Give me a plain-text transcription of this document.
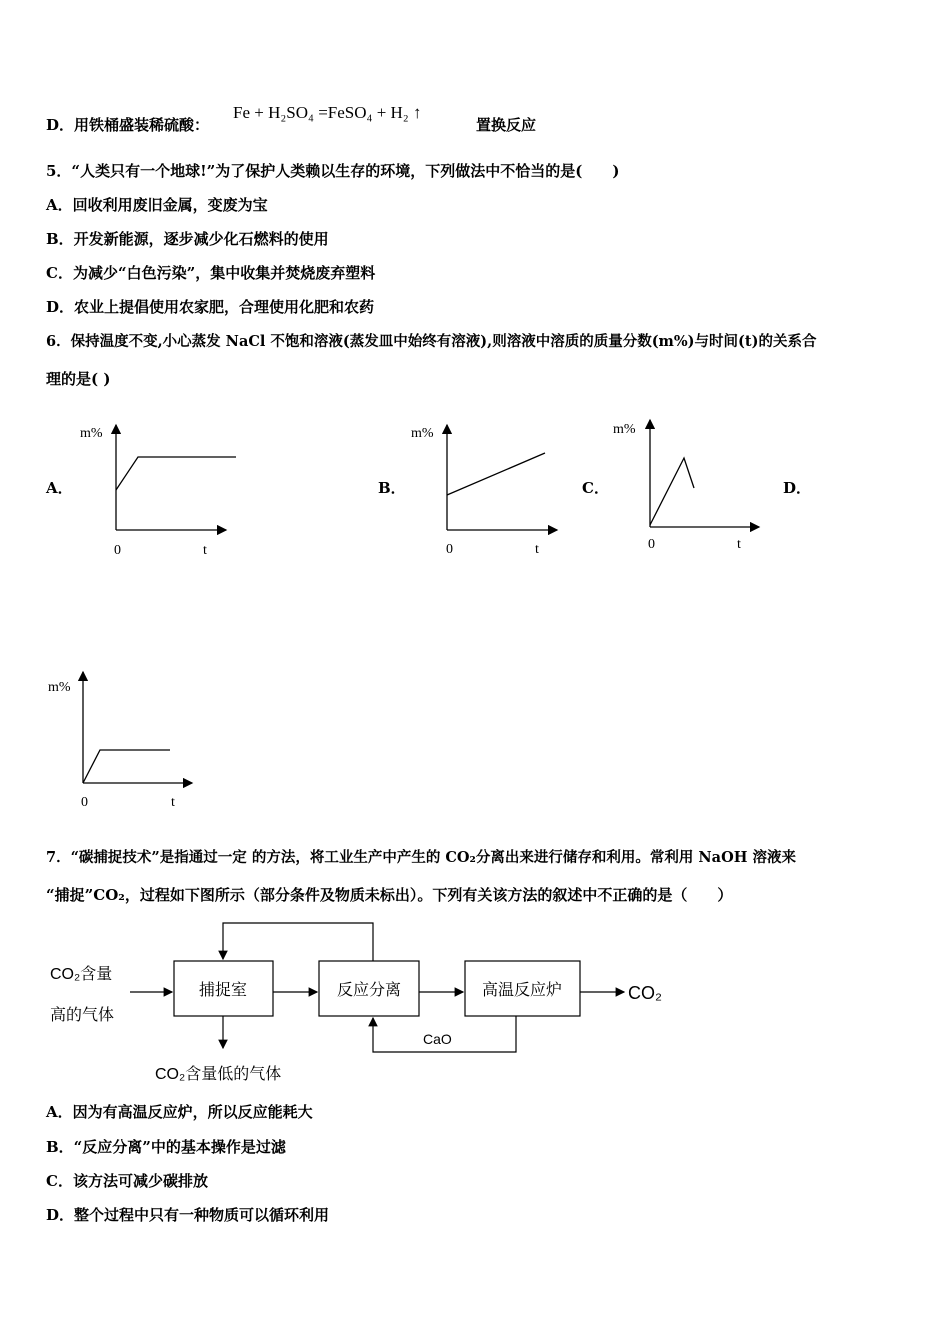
D．用铁桶盛装稀硫酸：
Fe + H₂SO₄ =FeSO₄ + H₂ ↑
置换反应
5．“人类只有一个地球!”为了保护人类赖以生存的环境，下列做法中不恰当的是(　　)
A．回收利用废旧金属，变废为宝
B．开发新能源，逐步减少化石燃料的使用
C．为减少“白色污染”，集中收集并焚烧废弃塑料
D．农业上提倡使用农家肥，合理使用化肥和农药
6．保持温度不变,小心蒸发 NaCl 不饱和溶液(蒸发皿中始终有溶液),则溶液中溶质的质量分数(m%)与时间(t)的关系合
理的是( )
A．	B．	C．	D．
m%
0	t
m%
0	t
m%
0	t
m%
0	t
CO₂含量
高的气体
捕捉室	反应分离	高温反应炉	CO₂
CO₂含量低的气体
CaO
7．“碳捕捉技术”是指通过一定 的方法，将工业生产中产生的 CO₂分离出来进行储存和利用。常利用 NaOH 溶液来
“捕捉”CO₂，过程如下图所示（部分条件及物质未标出）。下列有关该方法的叙述中不正确的是（　　）
A．因为有高温反应炉，所以反应能耗大
B．“反应分离”中的基本操作是过滤
C．该方法可减少碳排放
D．整个过程中只有一种物质可以循环利用
